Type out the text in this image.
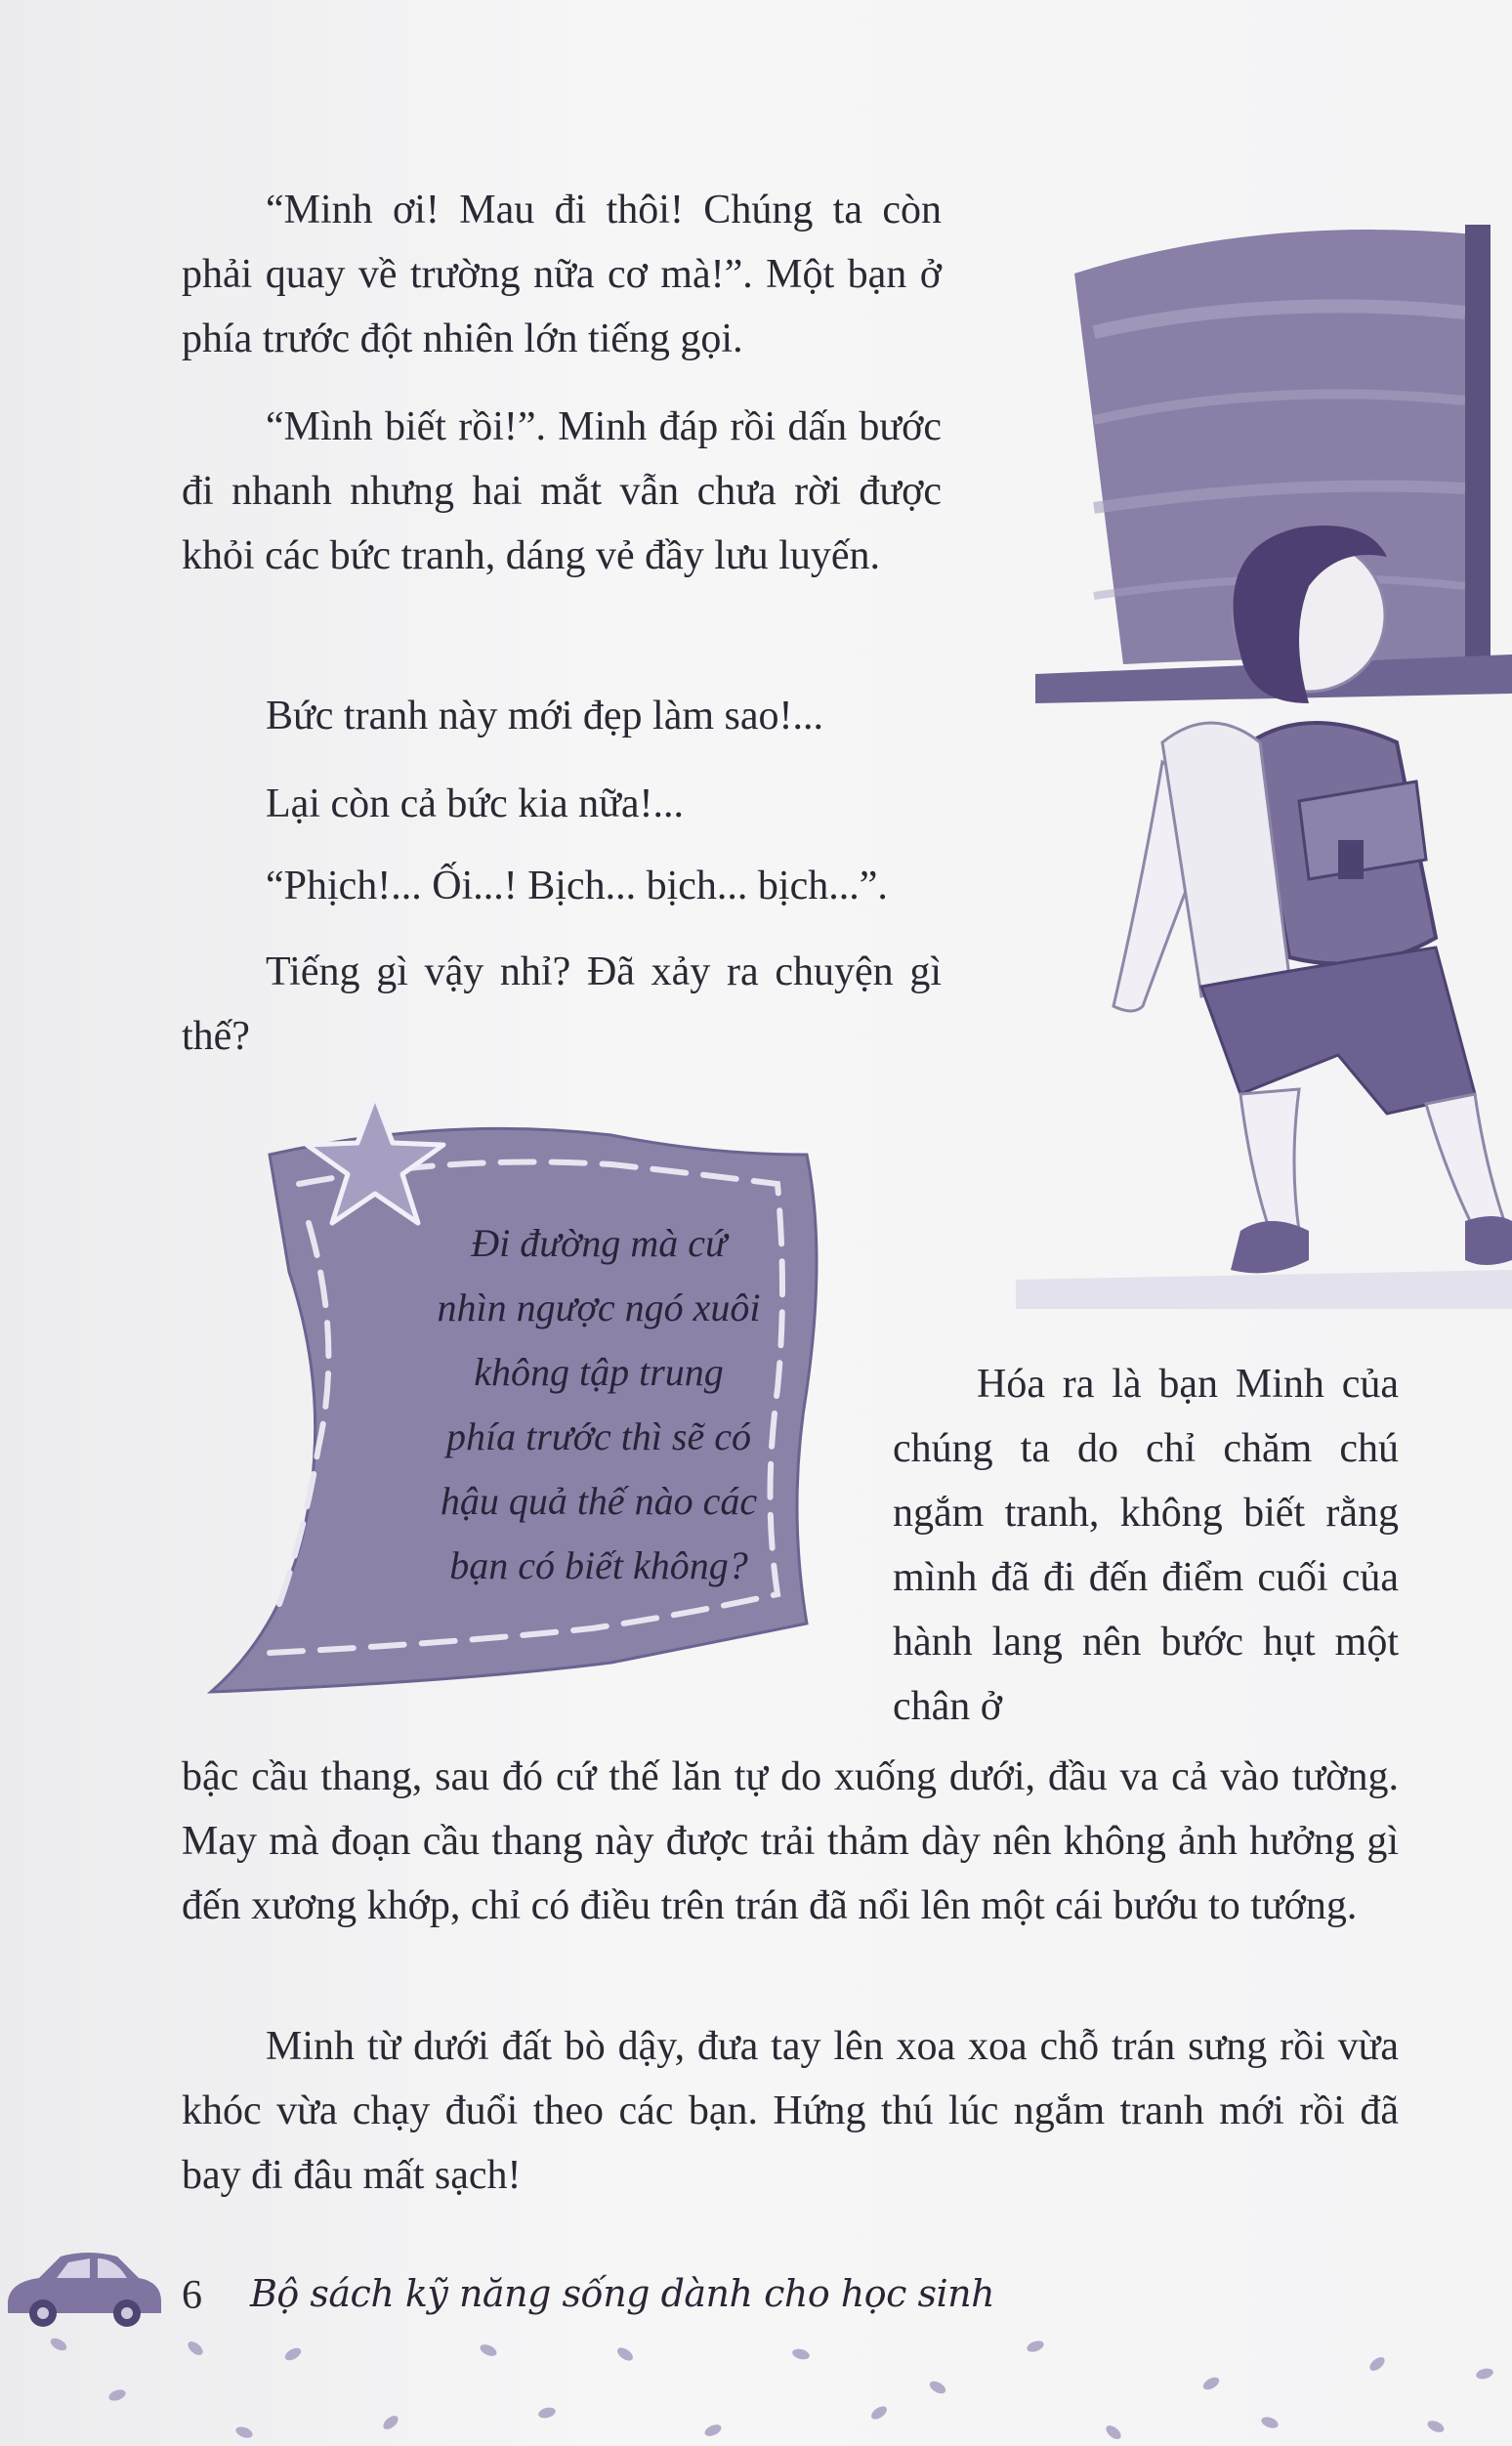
“Minh ơi! Mau đi thôi! Chúng ta còn phải quay về trường nữa cơ mà!”. Một bạn ở phía trước đột nhiên lớn tiếng gọi.

“Mình biết rồi!”. Minh đáp rồi dấn bước đi nhanh nhưng hai mắt vẫn chưa rời được khỏi các bức tranh, dáng vẻ đầy lưu luyến.

Bức tranh này mới đẹp làm sao!...

Lại còn cả bức kia nữa!...

“Phịch!... Ối...! Bịch... bịch... bịch...”.

Tiếng gì vậy nhỉ? Đã xảy ra chuyện gì thế?

Đi đường mà cứ
nhìn ngược ngó xuôi
không tập trung
phía trước thì sẽ có
hậu quả thế nào các
bạn có biết không?

Hóa ra là bạn Minh của chúng ta do chỉ chăm chú ngắm tranh, không biết rằng mình đã đi đến điểm cuối của hành lang nên bước hụt một chân ở

bậc cầu thang, sau đó cứ thế lăn tự do xuống dưới, đầu va cả vào tường. May mà đoạn cầu thang này được trải thảm dày nên không ảnh hưởng gì đến xương khớp, chỉ có điều trên trán đã nổi lên một cái bướu to tướng.

Minh từ dưới đất bò dậy, đưa tay lên xoa xoa chỗ trán sưng rồi vừa khóc vừa chạy đuổi theo các bạn. Hứng thú lúc ngắm tranh mới rồi đã bay đi đâu mất sạch!

6 Bộ sách kỹ năng sống dành cho học sinh
